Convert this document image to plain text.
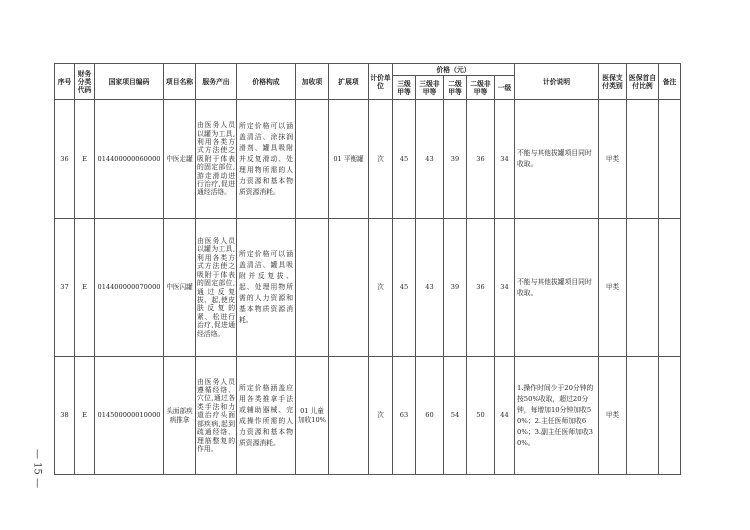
序号	财务分类代码	国家项目编码	项目名称	服务产出	价格构成	加收项	扩展项	计价单位	价格（元）					计价说明	医保支付类别	医保首自付比例	备注
									三级甲等	三级非甲等	二级甲等	二级非甲等	一级				
36	E	014400000060000	中医走罐	由医务人员以罐为工具,利用各类方式方法使之吸附于体表的固定部位,游走滑动进行治疗,促进通经活络。	所定价格可以涵盖清洁、涂抹润滑剂、罐具吸附并反复滑动、处理用物所需的人力资源和基本物质资源消耗。		01 平衡罐	次	45	43	39	36	34	不能与其他拔罐项目同时收取。	甲类		
37	E	014400000070000	中医闪罐	由医务人员以罐为工具,利用各类方式方法使之吸附于体表的固定部位,通过反复拔、起,使皮肤反复的紧、松进行治疗,促进通经活络。	所定价格可以涵盖清洁、罐具吸附并反复拔、起、处理用物所需的人力资源和基本物质资源消耗。			次	45	43	39	36	34	不能与其他拔罐项目同时收取。	甲类		
38	E	014500000010000	头面部疾病推拿	由医务人员遵循经络、穴位,通过各类手法和力道治疗头面部疾病,起到疏通经络、理筋整复的作用。	所定价格涵盖应用各类推拿手法或辅助器械、完成操作所需的人力资源和基本物质资源消耗。	01 儿童加收10%		次	63	60	54	50	44	1.操作时间少于20分钟的按50%收取，超过20分钟，每增加10分钟加收50%；2.主任医师加收60%；3.副主任医师加收30%。	甲类		
— 15 —
